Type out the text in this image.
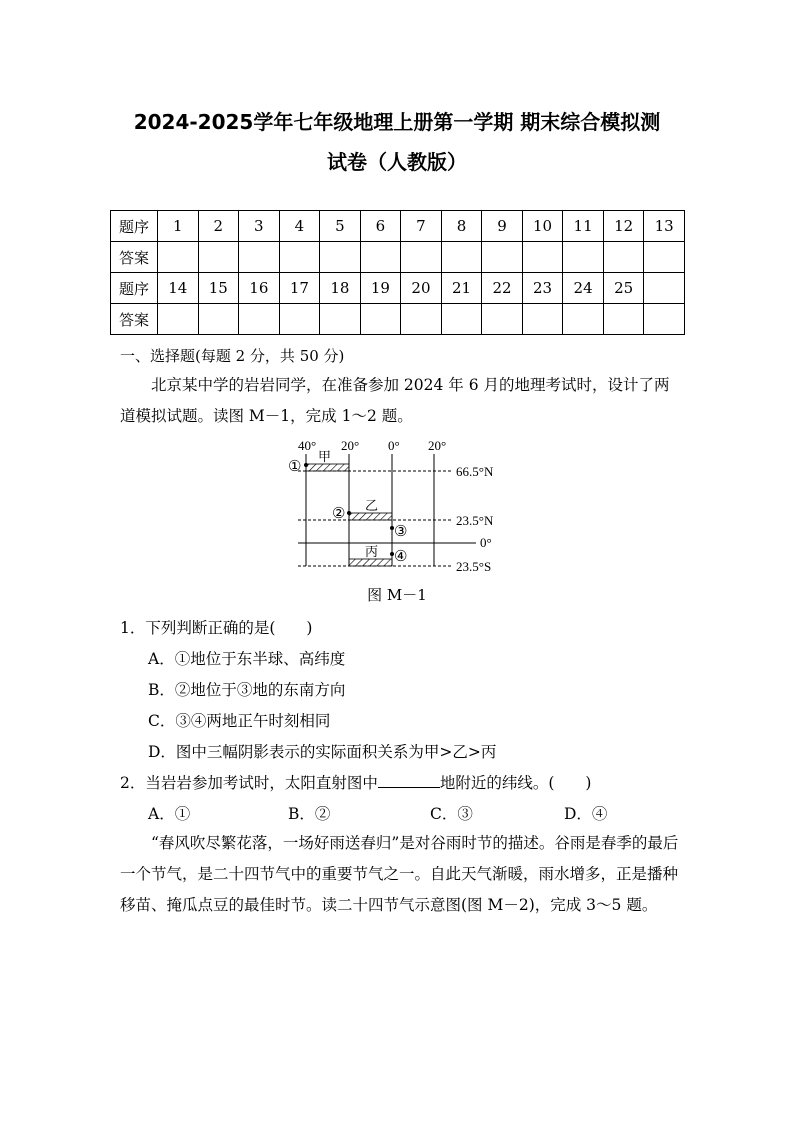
2024-2025学年七年级地理上册第一学期 期末综合模拟测
试卷（人教版）
题序	1	2	3	4	5	6	7	8	9	10	11	12	13
答案													
题序	14	15	16	17	18	19	20	21	22	23	24	25	
答案													
一、选择题(每题 2 分，共 50 分)
北京某中学的岩岩同学，在准备参加 2024 年 6 月的地理考试时，设计了两道模拟试题。读图 M－1，完成 1～2 题。
40° 20° 0° 20°
甲
乙
丙
①
②
③
④
66.5°N
23.5°N
0°
23.5°S
图 M－1
1．下列判断正确的是(　　)
A．①地位于东半球、高纬度
B．②地位于③地的东南方向
C．③④两地正午时刻相同
D．图中三幅阴影表示的实际面积关系为甲>乙>丙
2．当岩岩参加考试时，太阳直射图中	地附近的纬线。(　　)
A．①	B．②	C．③	D．④
“春风吹尽繁花落，一场好雨送春归”是对谷雨时节的描述。谷雨是春季的最后一个节气，是二十四节气中的重要节气之一。自此天气渐暖，雨水增多，正是播种移苗、掩瓜点豆的最佳时节。读二十四节气示意图(图 M－2)，完成 3～5 题。
